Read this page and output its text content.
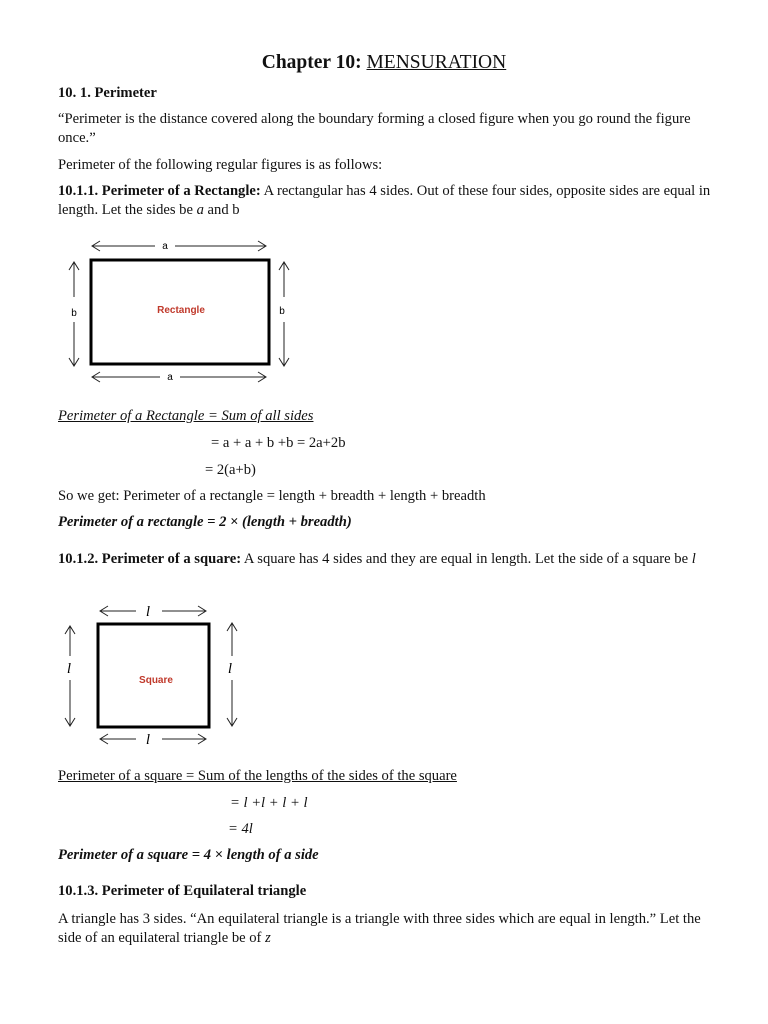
Chapter 10: MENSURATION
10. 1. Perimeter

“Perimeter is the distance covered along the boundary forming a closed figure when you go round the figure once.”

Perimeter of the following regular figures is as follows:

10.1.1. Perimeter of a Rectangle: A rectangular has 4 sides. Out of these four sides, opposite sides are equal in length. Let the sides be a and b

a
a
b	b
Rectangle
Perimeter of a Rectangle = Sum of all sides
= a + a + b +b = 2a+2b
= 2(a+b)
So we get: Perimeter of a rectangle = length + breadth + length + breadth
Perimeter of a rectangle = 2 × (length + breadth)

10.1.2. Perimeter of a square: A square has 4 sides and they are equal in length. Let the side of a square be l

l
l
l	l
Square
Perimeter of a square = Sum of the lengths of the sides of the square
= l +l + l + l
= 4l
Perimeter of a square = 4 × length of a side
10.1.3. Perimeter of Equilateral triangle

A triangle has 3 sides. “An equilateral triangle is a triangle with three sides which are equal in length.” Let the side of an equilateral triangle be of z
